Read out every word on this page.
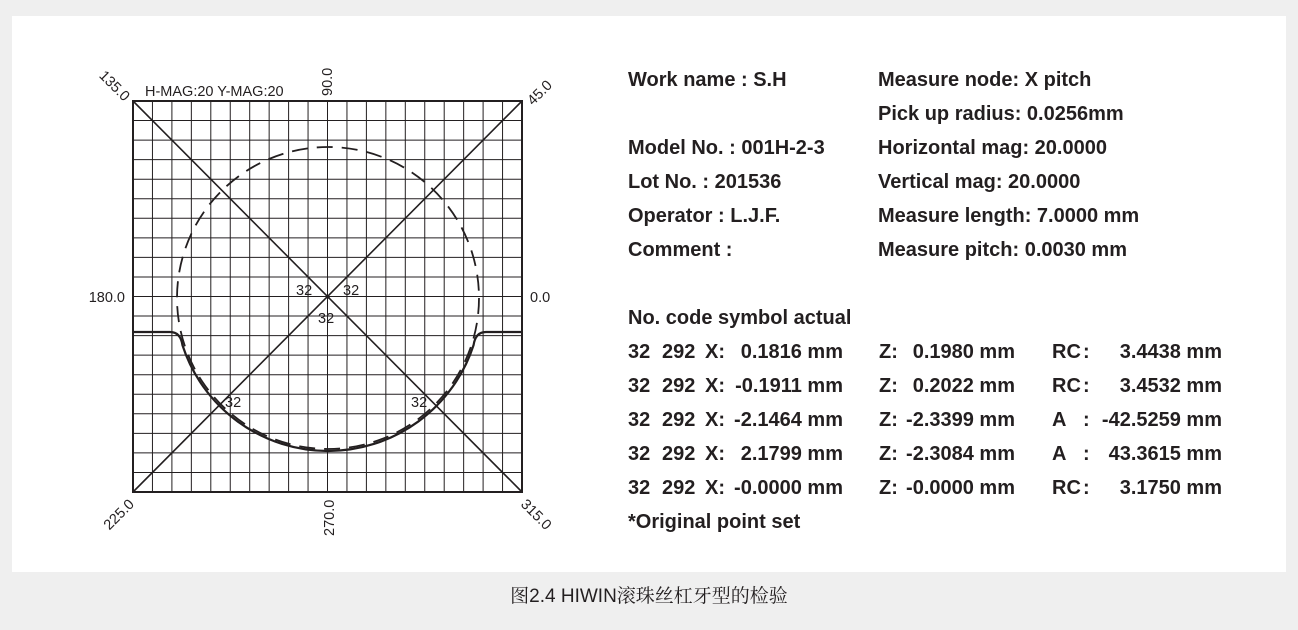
H-MAG:20 Y-MAG:20
135.0	90.0	45.0
180.0	0.0
225.0	270.0	315.0
32 32
32
32	32
Work name : S.H
Model No. : 001H-2-3
Lot No. : 201536
Operator : L.J.F.
Comment :
Measure node: X pitch
Pick up radius: 0.0256mm
Horizontal mag: 20.0000
Vertical mag: 20.0000
Measure length: 7.0000 mm
Measure pitch: 0.0030 mm
No. code symbol actual
32 292 X: 0.1816 mm Z: 0.1980 mm RC :	3.4438 mm
32 292 X: -0.1911 mm Z: 0.2022 mm RC :	3.4532 mm
32 292 X: -2.1464 mm Z: -2.3399 mm A : -42.5259 mm
32 292 X: 2.1799 mm Z: -2.3084 mm A : 43.3615 mm
32 292 X: -0.0000 mm Z: -0.0000 mm RC :	3.1750 mm
*Original point set
图2.4 HIWIN滚珠丝杠牙型的检验
